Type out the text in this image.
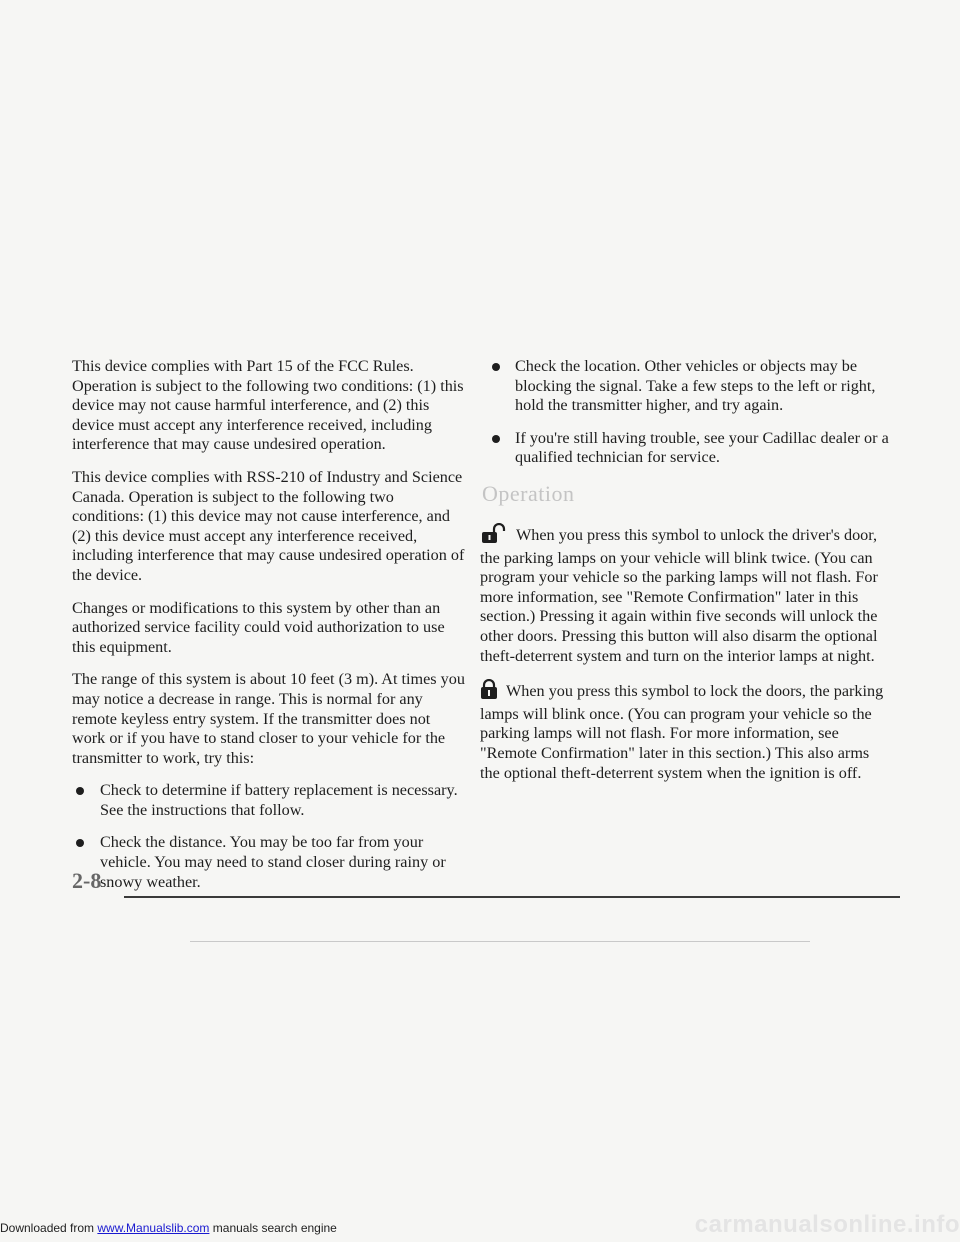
This device complies with Part 15 of the FCC Rules. Operation is subject to the following two conditions: (1) this device may not cause harmful interference, and (2) this device must accept any interference received, including interference that may cause undesired operation.

This device complies with RSS-210 of Industry and Science Canada. Operation is subject to the following two conditions: (1) this device may not cause interference, and (2) this device must accept any interference received, including interference that may cause undesired operation of the device.

Changes or modifications to this system by other than an authorized service facility could void authorization to use this equipment.

The range of this system is about 10 feet (3 m). At times you may notice a decrease in range. This is normal for any remote keyless entry system. If the transmitter does not work or if you have to stand closer to your vehicle for the transmitter to work, try this:

Check to determine if battery replacement is necessary. See the instructions that follow.
Check the distance. You may be too far from your vehicle. You may need to stand closer during rainy or snowy weather.
Check the location. Other vehicles or objects may be blocking the signal. Take a few steps to the left or right, hold the transmitter higher, and try again.
If you're still having trouble, see your Cadillac dealer or a qualified technician for service.
Operation

When you press this symbol to unlock the driver's door, the parking lamps on your vehicle will blink twice. (You can program your vehicle so the parking lamps will not flash. For more information, see "Remote Confirmation" later in this section.) Pressing it again within five seconds will unlock the other doors. Pressing this button will also disarm the optional theft-deterrent system and turn on the interior lamps at night.

When you press this symbol to lock the doors, the parking lamps will blink once. (You can program your vehicle so the parking lamps will not flash. For more information, see "Remote Confirmation" later in this section.) This also arms the optional theft-deterrent system when the ignition is off.

2-8
Downloaded from www.Manualslib.com manuals search engine	carmanualsonline.info
